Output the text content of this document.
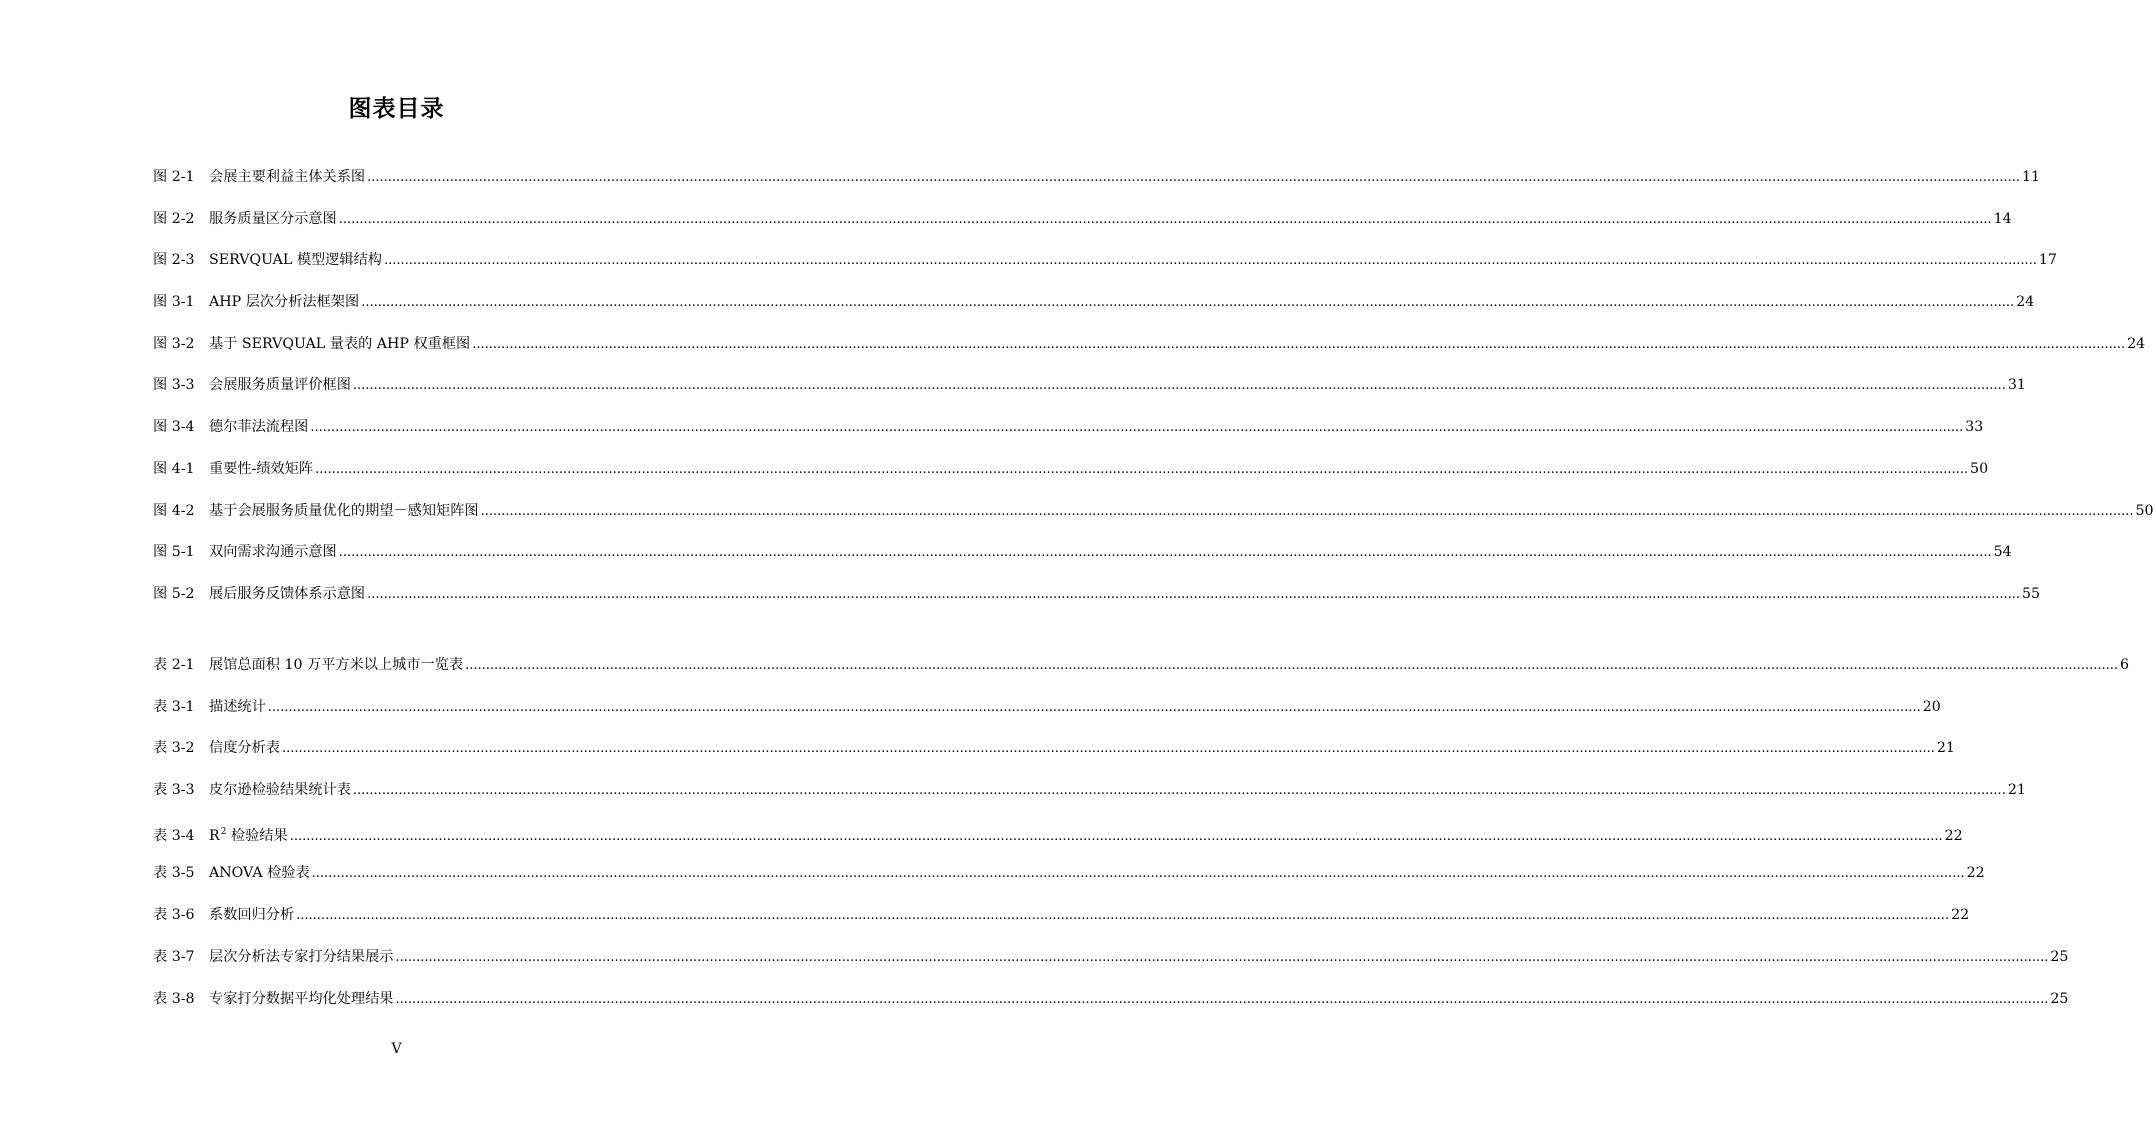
图表目录
图 2-1	会展主要利益主体关系图 ................................................................................................................................................................................................................................................................................................................................................................................................................ 11
图 2-2	服务质量区分示意图 ................................................................................................................................................................................................................................................................................................................................................................................................................ 14
图 2-3	SERVQUAL 模型逻辑结构 ................................................................................................................................................................................................................................................................................................................................................................................................................ 17
图 3-1	AHP 层次分析法框架图 ................................................................................................................................................................................................................................................................................................................................................................................................................ 24
图 3-2	基于 SERVQUAL 量表的 AHP 权重框图 ................................................................................................................................................................................................................................................................................................................................................................................................................ 24
图 3-3	会展服务质量评价框图 ................................................................................................................................................................................................................................................................................................................................................................................................................ 31
图 3-4	德尔菲法流程图 ................................................................................................................................................................................................................................................................................................................................................................................................................ 33
图 4-1	重要性-绩效矩阵 ................................................................................................................................................................................................................................................................................................................................................................................................................ 50
图 4-2	基于会展服务质量优化的期望－感知矩阵图 ................................................................................................................................................................................................................................................................................................................................................................................................................ 50
图 5-1	双向需求沟通示意图 ................................................................................................................................................................................................................................................................................................................................................................................................................ 54
图 5-2	展后服务反馈体系示意图 ................................................................................................................................................................................................................................................................................................................................................................................................................ 55
表 2-1	展馆总面积 10 万平方米以上城市一览表 ................................................................................................................................................................................................................................................................................................................................................................................................................ 6
表 3-1	描述统计 ................................................................................................................................................................................................................................................................................................................................................................................................................ 20
表 3-2	信度分析表 ................................................................................................................................................................................................................................................................................................................................................................................................................ 21
表 3-3	皮尔逊检验结果统计表 ................................................................................................................................................................................................................................................................................................................................................................................................................ 21
表 3-4	$R^2$ 检验结果 ................................................................................................................................................................................................................................................................................................................................................................................................................ 22
表 3-5	ANOVA 检验表 ................................................................................................................................................................................................................................................................................................................................................................................................................ 22
表 3-6	系数回归分析 ................................................................................................................................................................................................................................................................................................................................................................................................................ 22
表 3-7	层次分析法专家打分结果展示 ................................................................................................................................................................................................................................................................................................................................................................................................................ 25
表 3-8	专家打分数据平均化处理结果 ................................................................................................................................................................................................................................................................................................................................................................................................................ 25
V
